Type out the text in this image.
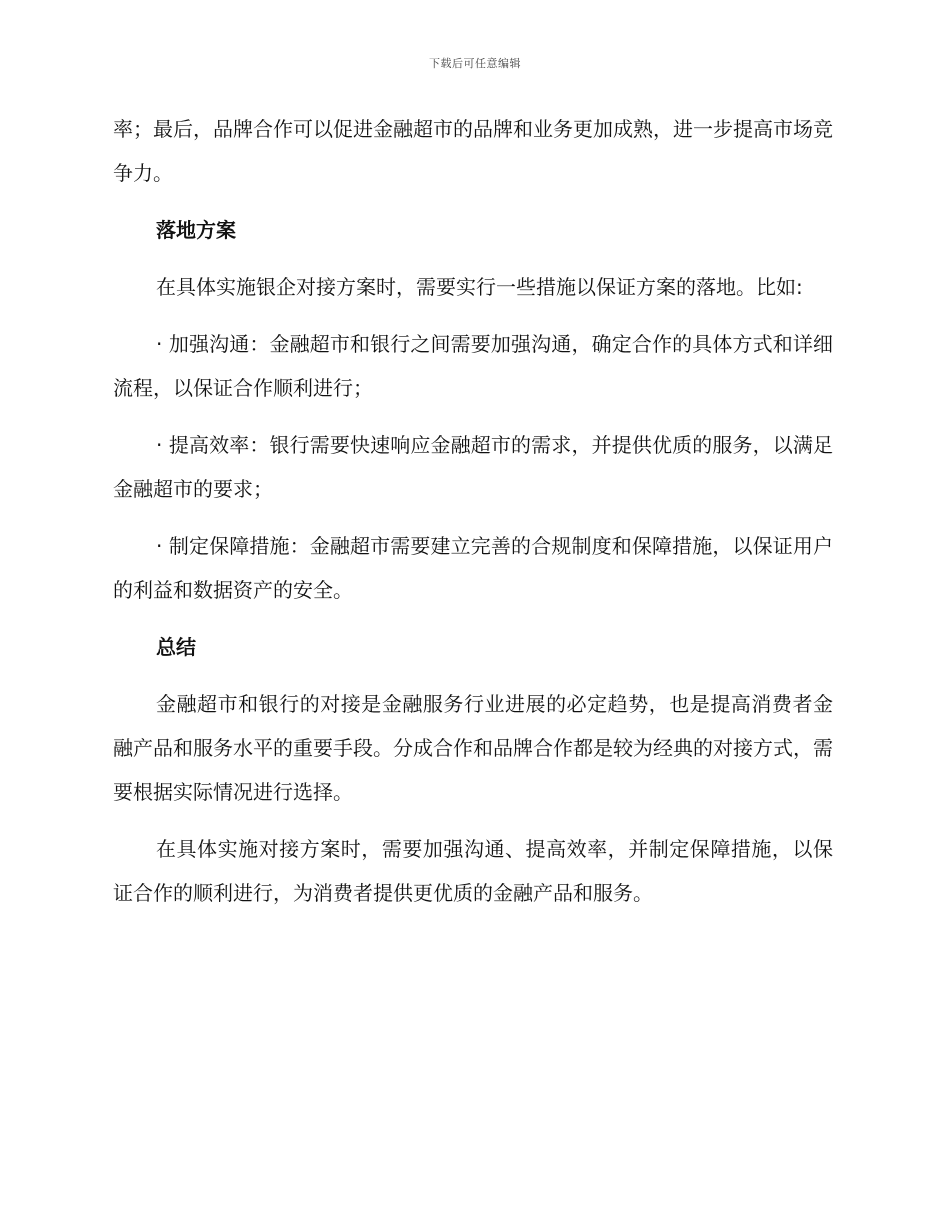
下载后可任意编辑

率；最后，品牌合作可以促进金融超市的品牌和业务更加成熟，进一步提高市场竞争力。

落地方案

在具体实施银企对接方案时，需要实行一些措施以保证方案的落地。比如:

· 加强沟通：金融超市和银行之间需要加强沟通，确定合作的具体方式和详细流程，以保证合作顺利进行；

· 提高效率：银行需要快速响应金融超市的需求，并提供优质的服务，以满足金融超市的要求；

· 制定保障措施：金融超市需要建立完善的合规制度和保障措施，以保证用户的利益和数据资产的安全。

总结

金融超市和银行的对接是金融服务行业进展的必定趋势，也是提高消费者金融产品和服务水平的重要手段。分成合作和品牌合作都是较为经典的对接方式，需要根据实际情况进行选择。

在具体实施对接方案时，需要加强沟通、提高效率，并制定保障措施，以保证合作的顺利进行，为消费者提供更优质的金融产品和服务。
